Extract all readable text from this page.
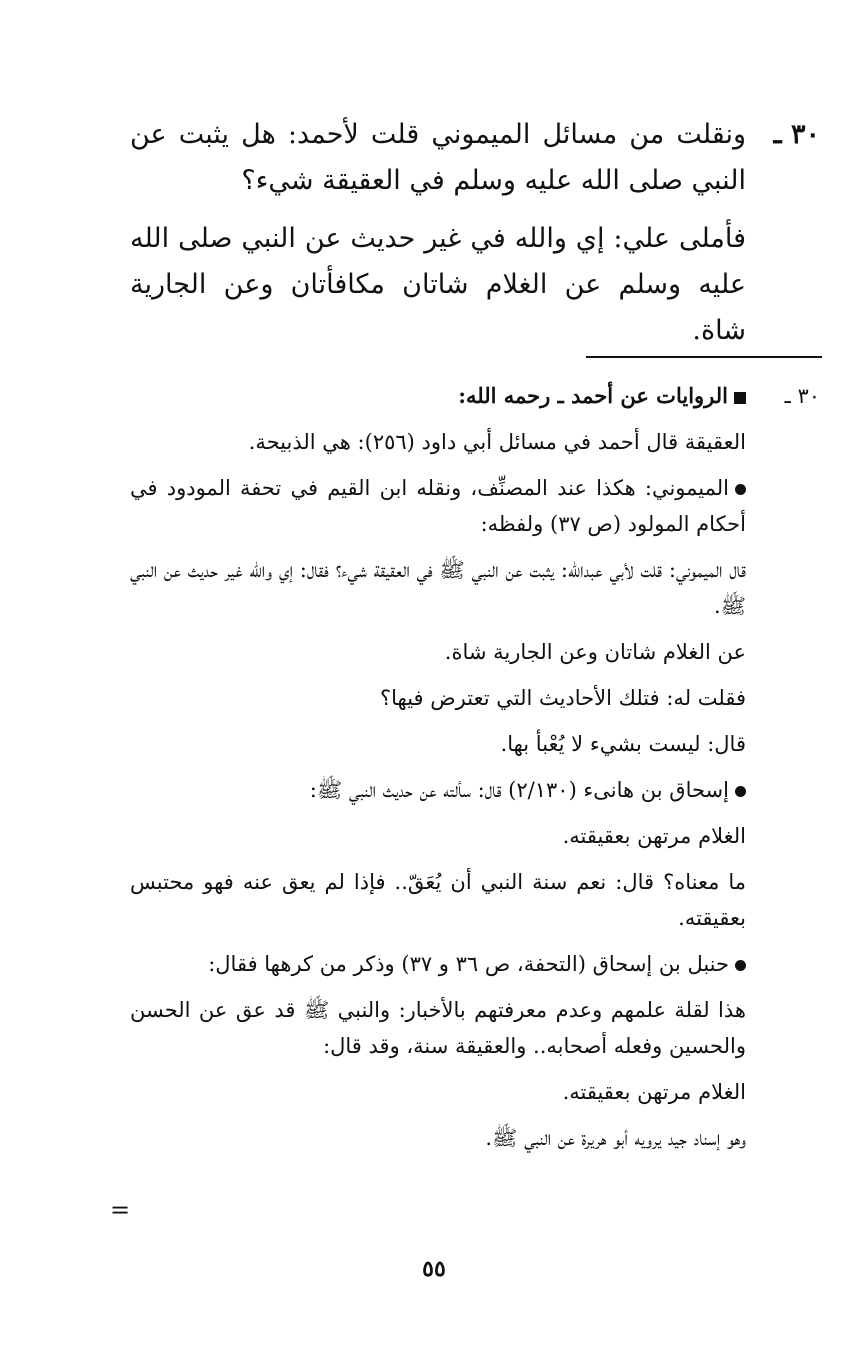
٣٠ ـ

ونقلت من مسائل الميموني قلت لأحمد: هل يثبت عن النبي صلى الله عليه وسلم في العقيقة شيء؟

فأملى علي: إي والله في غير حديث عن النبي صلى الله عليه وسلم عن الغلام شاتان مكافأتان وعن الجارية شاة.

٣٠ ـ

الروايات عن أحمد ـ رحمه الله:

العقيقة قال أحمد في مسائل أبي داود (٢٥٦): هي الذبيحة.

الميموني: هكذا عند المصنِّف، ونقله ابن القيم في تحفة المودود في أحكام المولود (ص ٣٧) ولفظه:

قال الميموني: قلت لأبي عبدالله: يثبت عن النبي ﷺ في العقيقة شيء؟ فقال: إي والله غير حديث عن النبي ﷺ.

عن الغلام شاتان وعن الجارية شاة.

فقلت له: فتلك الأحاديث التي تعترض فيها؟

قال: ليست بشيء لا يُعْبأ بها.

إسحاق بن هانىء (٢/١٣٠) قال: سألته عن حديث النبي ﷺ:

الغلام مرتهن بعقيقته.

ما معناه؟ قال: نعم سنة النبي أن يُعَقّ.. فإذا لم يعق عنه فهو محتبس بعقيقته.

حنبل بن إسحاق (التحفة، ص ٣٦ و ٣٧) وذكر من كرهها فقال:

هذا لقلة علمهم وعدم معرفتهم بالأخبار: والنبي ﷺ قد عق عن الحسن والحسين وفعله أصحابه.. والعقيقة سنة، وقد قال:

الغلام مرتهن بعقيقته.

وهو إسناد جيد يرويه أبو هريرة عن النبي ﷺ.

=
٥٥
